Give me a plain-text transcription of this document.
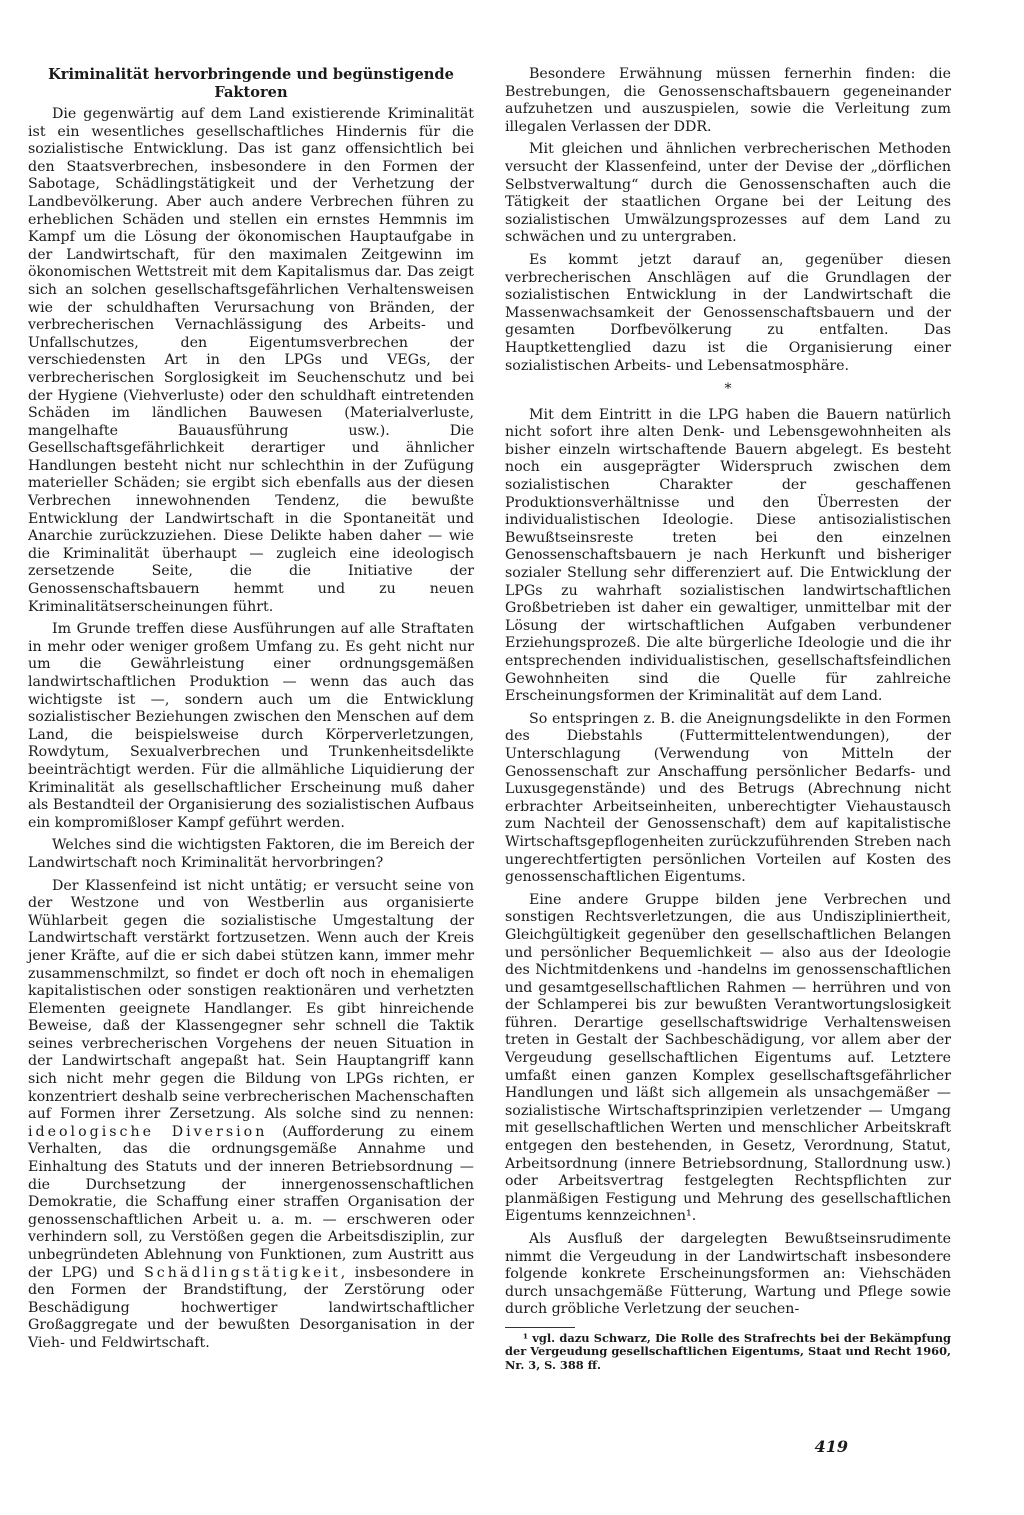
Kriminalität hervorbringende und begünstigende Faktoren

Die gegenwärtig auf dem Land existierende Kriminalität ist ein wesentliches gesellschaftliches Hindernis für die sozialistische Entwicklung. Das ist ganz offensichtlich bei den Staatsverbrechen, insbesondere in den Formen der Sabotage, Schädlingstätigkeit und der Verhetzung der Landbevölkerung. Aber auch andere Verbrechen führen zu erheblichen Schäden und stellen ein ernstes Hemmnis im Kampf um die Lösung der ökonomischen Hauptaufgabe in der Landwirtschaft, für den maximalen Zeitgewinn im ökonomischen Wettstreit mit dem Kapitalismus dar. Das zeigt sich an solchen gesellschaftsgefährlichen Verhaltensweisen wie der schuldhaften Verursachung von Bränden, der verbrecherischen Vernachlässigung des Arbeits- und Unfallschutzes, den Eigentumsverbrechen der verschiedensten Art in den LPGs und VEGs, der verbrecherischen Sorglosigkeit im Seuchenschutz und bei der Hygiene (Viehverluste) oder den schuldhaft eintretenden Schäden im ländlichen Bauwesen (Materialverluste, mangelhafte Bauausführung usw.). Die Gesellschaftsgefährlichkeit derartiger und ähnlicher Handlungen besteht nicht nur schlechthin in der Zufügung materieller Schäden; sie ergibt sich ebenfalls aus der diesen Verbrechen innewohnenden Tendenz, die bewußte Entwicklung der Landwirtschaft in die Spontaneität und Anarchie zurückzuziehen. Diese Delikte haben daher — wie die Kriminalität überhaupt — zugleich eine ideologisch zersetzende Seite, die die Initiative der Genossenschaftsbauern hemmt und zu neuen Kriminalitätserscheinungen führt.

Im Grunde treffen diese Ausführungen auf alle Straftaten in mehr oder weniger großem Umfang zu. Es geht nicht nur um die Gewährleistung einer ordnungsgemäßen landwirtschaftlichen Produktion — wenn das auch das wichtigste ist —, sondern auch um die Entwicklung sozialistischer Beziehungen zwischen den Menschen auf dem Land, die beispielsweise durch Körperverletzungen, Rowdytum, Sexualverbrechen und Trunkenheitsdelikte beeinträchtigt werden. Für die allmähliche Liquidierung der Kriminalität als gesellschaftlicher Erscheinung muß daher als Bestandteil der Organisierung des sozialistischen Aufbaus ein kompromißloser Kampf geführt werden.

Welches sind die wichtigsten Faktoren, die im Bereich der Landwirtschaft noch Kriminalität hervorbringen?

Der Klassenfeind ist nicht untätig; er versucht seine von der Westzone und von Westberlin aus organisierte Wühlarbeit gegen die sozialistische Umgestaltung der Landwirtschaft verstärkt fortzusetzen. Wenn auch der Kreis jener Kräfte, auf die er sich dabei stützen kann, immer mehr zusammenschmilzt, so findet er doch oft noch in ehemaligen kapitalistischen oder sonstigen reaktionären und verhetzten Elementen geeignete Handlanger. Es gibt hinreichende Beweise, daß der Klassengegner sehr schnell die Taktik seines verbrecherischen Vorgehens der neuen Situation in der Landwirtschaft angepaßt hat. Sein Hauptangriff kann sich nicht mehr gegen die Bildung von LPGs richten, er konzentriert deshalb seine verbrecherischen Machenschaften auf Formen ihrer Zersetzung. Als solche sind zu nennen: ideologische Diversion (Aufforderung zu einem Verhalten, das die ordnungsgemäße Annahme und Einhaltung des Statuts und der inneren Betriebsordnung — die Durchsetzung der innergenossenschaftlichen Demokratie, die Schaffung einer straffen Organisation der genossenschaftlichen Arbeit u. a. m. — erschweren oder verhindern soll, zu Verstößen gegen die Arbeitsdisziplin, zur unbegründeten Ablehnung von Funktionen, zum Austritt aus der LPG) und Schädlingstätigkeit, insbesondere in den Formen der Brandstiftung, der Zerstörung oder Beschädigung hochwertiger landwirtschaftlicher Großaggregate und der bewußten Desorganisation in der Vieh- und Feldwirtschaft.

Besondere Erwähnung müssen fernerhin finden: die Bestrebungen, die Genossenschaftsbauern gegeneinander aufzuhetzen und auszuspielen, sowie die Verleitung zum illegalen Verlassen der DDR.

Mit gleichen und ähnlichen verbrecherischen Methoden versucht der Klassenfeind, unter der Devise der „dörflichen Selbstverwaltung“ durch die Genossenschaften auch die Tätigkeit der staatlichen Organe bei der Leitung des sozialistischen Umwälzungsprozesses auf dem Land zu schwächen und zu untergraben.

Es kommt jetzt darauf an, gegenüber diesen verbrecherischen Anschlägen auf die Grundlagen der sozialistischen Entwicklung in der Landwirtschaft die Massenwachsamkeit der Genossenschaftsbauern und der gesamten Dorfbevölkerung zu entfalten. Das Hauptkettenglied dazu ist die Organisierung einer sozialistischen Arbeits- und Lebensatmosphäre.

*

Mit dem Eintritt in die LPG haben die Bauern natürlich nicht sofort ihre alten Denk- und Lebensgewohnheiten als bisher einzeln wirtschaftende Bauern abgelegt. Es besteht noch ein ausgeprägter Widerspruch zwischen dem sozialistischen Charakter der geschaffenen Produktionsverhältnisse und den Überresten der individualistischen Ideologie. Diese antisozialistischen Bewußtseinsreste treten bei den einzelnen Genossenschaftsbauern je nach Herkunft und bisheriger sozialer Stellung sehr differenziert auf. Die Entwicklung der LPGs zu wahrhaft sozialistischen landwirtschaftlichen Großbetrieben ist daher ein gewaltiger, unmittelbar mit der Lösung der wirtschaftlichen Aufgaben verbundener Erziehungsprozeß. Die alte bürgerliche Ideologie und die ihr entsprechenden individualistischen, gesellschaftsfeindlichen Gewohnheiten sind die Quelle für zahlreiche Erscheinungsformen der Kriminalität auf dem Land.

So entspringen z. B. die Aneignungsdelikte in den Formen des Diebstahls (Futtermittelentwendungen), der Unterschlagung (Verwendung von Mitteln der Genossenschaft zur Anschaffung persönlicher Bedarfs- und Luxusgegenstände) und des Betrugs (Abrechnung nicht erbrachter Arbeitseinheiten, unberechtigter Viehaustausch zum Nachteil der Genossenschaft) dem auf kapitalistische Wirtschaftsgepflogenheiten zurückzuführenden Streben nach ungerechtfertigten persönlichen Vorteilen auf Kosten des genossenschaftlichen Eigentums.

Eine andere Gruppe bilden jene Verbrechen und sonstigen Rechtsverletzungen, die aus Undiszipliniertheit, Gleichgültigkeit gegenüber den gesellschaftlichen Belangen und persönlicher Bequemlichkeit — also aus der Ideologie des Nichtmitdenkens und -handelns im genossenschaftlichen und gesamtgesellschaftlichen Rahmen — herrühren und von der Schlamperei bis zur bewußten Verantwortungslosigkeit führen. Derartige gesellschaftswidrige Verhaltensweisen treten in Gestalt der Sachbeschädigung, vor allem aber der Vergeudung gesellschaftlichen Eigentums auf. Letztere umfaßt einen ganzen Komplex gesellschaftsgefährlicher Handlungen und läßt sich allgemein als unsachgemäßer — sozialistische Wirtschaftsprinzipien verletzender — Umgang mit gesellschaftlichen Werten und menschlicher Arbeitskraft entgegen den bestehenden, in Gesetz, Verordnung, Statut, Arbeitsordnung (innere Betriebsordnung, Stallordnung usw.) oder Arbeitsvertrag festgelegten Rechtspflichten zur planmäßigen Festigung und Mehrung des gesellschaftlichen Eigentums kennzeichnen¹.

Als Ausfluß der dargelegten Bewußtseinsrudimente nimmt die Vergeudung in der Landwirtschaft insbesondere folgende konkrete Erscheinungsformen an: Viehschäden durch unsachgemäße Fütterung, Wartung und Pflege sowie durch gröbliche Verletzung der seuchen-

¹ vgl. dazu Schwarz, Die Rolle des Strafrechts bei der Bekämpfung der Vergeudung gesellschaftlichen Eigentums, Staat und Recht 1960, Nr. 3, S. 388 ff.

419
